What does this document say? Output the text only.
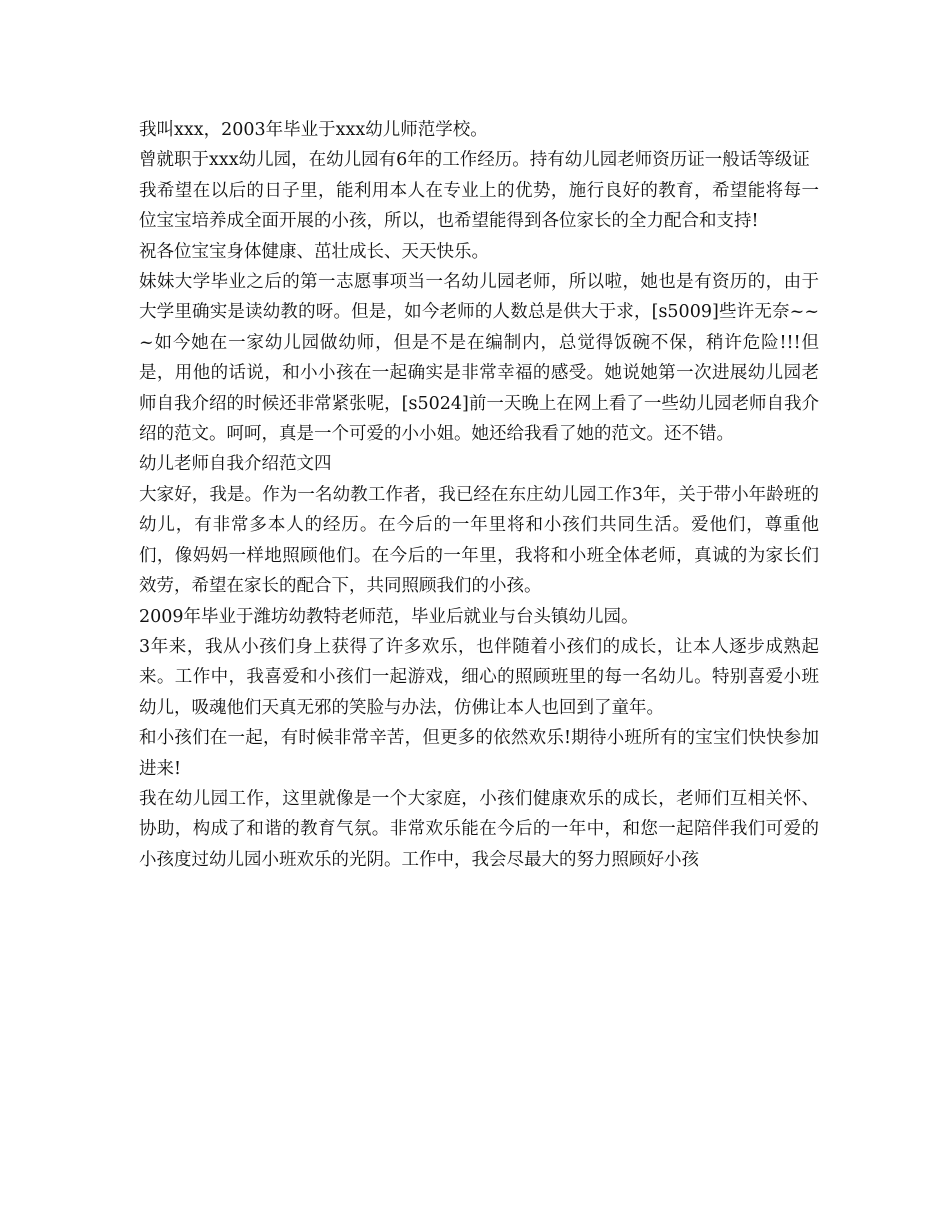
我叫xxx，2003年毕业于xxx幼儿师范学校。

曾就职于xxx幼儿园，在幼儿园有6年的工作经历。持有幼儿园老师资历证一般话等级证

我希望在以后的日子里，能利用本人在专业上的优势，施行良好的教育，希望能将每一位宝宝培养成全面开展的小孩，所以，也希望能得到各位家长的全力配合和支持!

祝各位宝宝身体健康、茁壮成长、天天快乐。

妹妹大学毕业之后的第一志愿事项当一名幼儿园老师，所以啦，她也是有资历的，由于大学里确实是读幼教的呀。但是，如今老师的人数总是供大于求，[s5009]些许无奈~~~如今她在一家幼儿园做幼师，但是不是在编制内，总觉得饭碗不保，稍许危险!!!但是，用他的话说，和小小孩在一起确实是非常幸福的感受。她说她第一次进展幼儿园老师自我介绍的时候还非常紧张呢，[s5024]前一天晚上在网上看了一些幼儿园老师自我介绍的范文。呵呵，真是一个可爱的小小姐。她还给我看了她的范文。还不错。

幼儿老师自我介绍范文四

大家好，我是。作为一名幼教工作者，我已经在东庄幼儿园工作3年，关于带小年龄班的幼儿，有非常多本人的经历。在今后的一年里将和小孩们共同生活。爱他们，尊重他们，像妈妈一样地照顾他们。在今后的一年里，我将和小班全体老师，真诚的为家长们效劳，希望在家长的配合下，共同照顾我们的小孩。

2009年毕业于潍坊幼教特老师范，毕业后就业与台头镇幼儿园。

3年来，我从小孩们身上获得了许多欢乐，也伴随着小孩们的成长，让本人逐步成熟起来。工作中，我喜爱和小孩们一起游戏，细心的照顾班里的每一名幼儿。特别喜爱小班幼儿，吸魂他们天真无邪的笑脸与办法，仿佛让本人也回到了童年。

和小孩们在一起，有时候非常辛苦，但更多的依然欢乐!期待小班所有的宝宝们快快参加进来!

我在幼儿园工作，这里就像是一个大家庭，小孩们健康欢乐的成长，老师们互相关怀、协助，构成了和谐的教育气氛。非常欢乐能在今后的一年中，和您一起陪伴我们可爱的小孩度过幼儿园小班欢乐的光阴。工作中，我会尽最大的努力照顾好小孩
